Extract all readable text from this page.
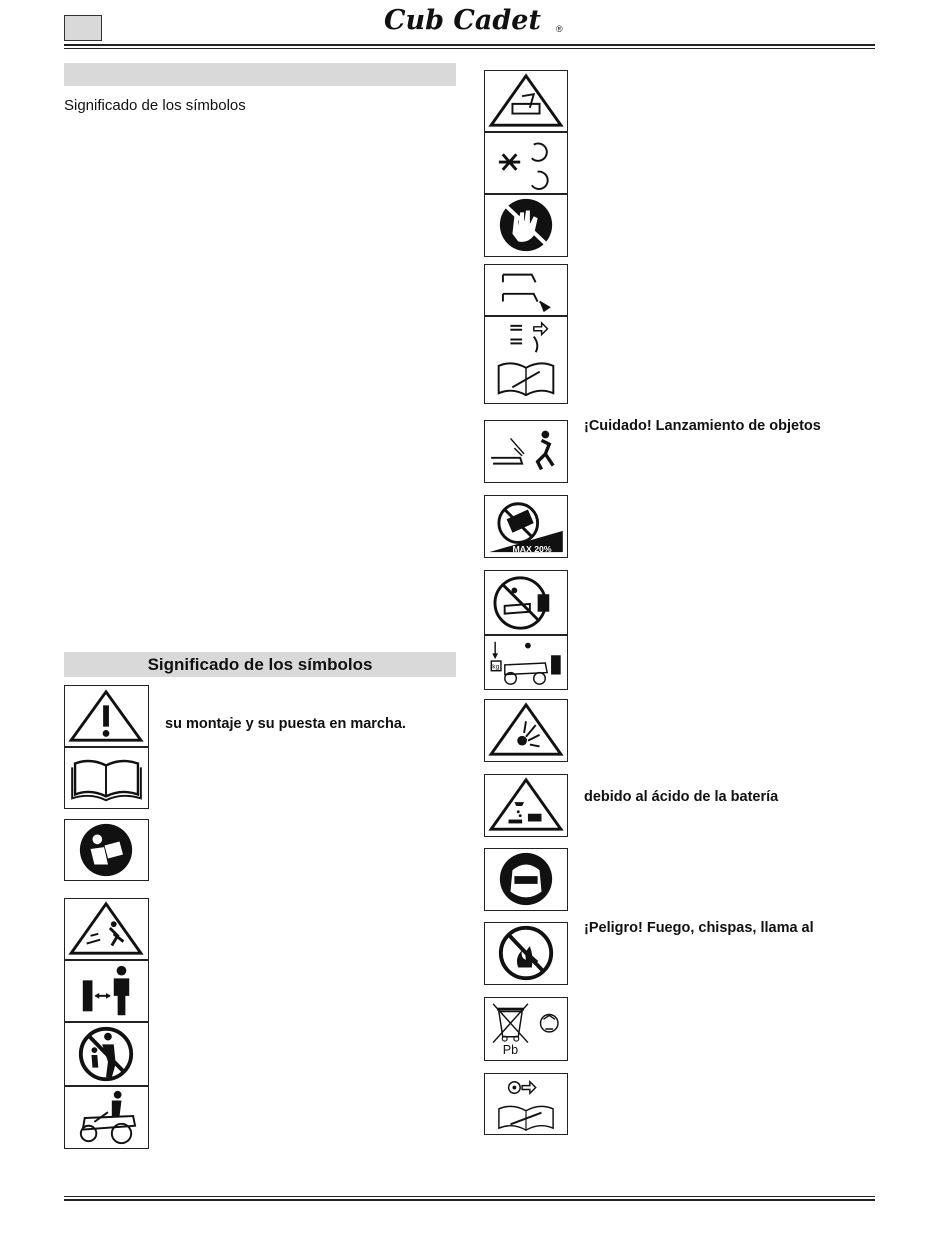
Cub Cadet ®
Significado de los símbolos
Significado de los símbolos
su montaje y su puesta en marcha.
MAX 20%
kg
Pb
¡Cuidado! Lanzamiento de objetos
debido al ácido de la batería
¡Peligro! Fuego, chispas, llama al
